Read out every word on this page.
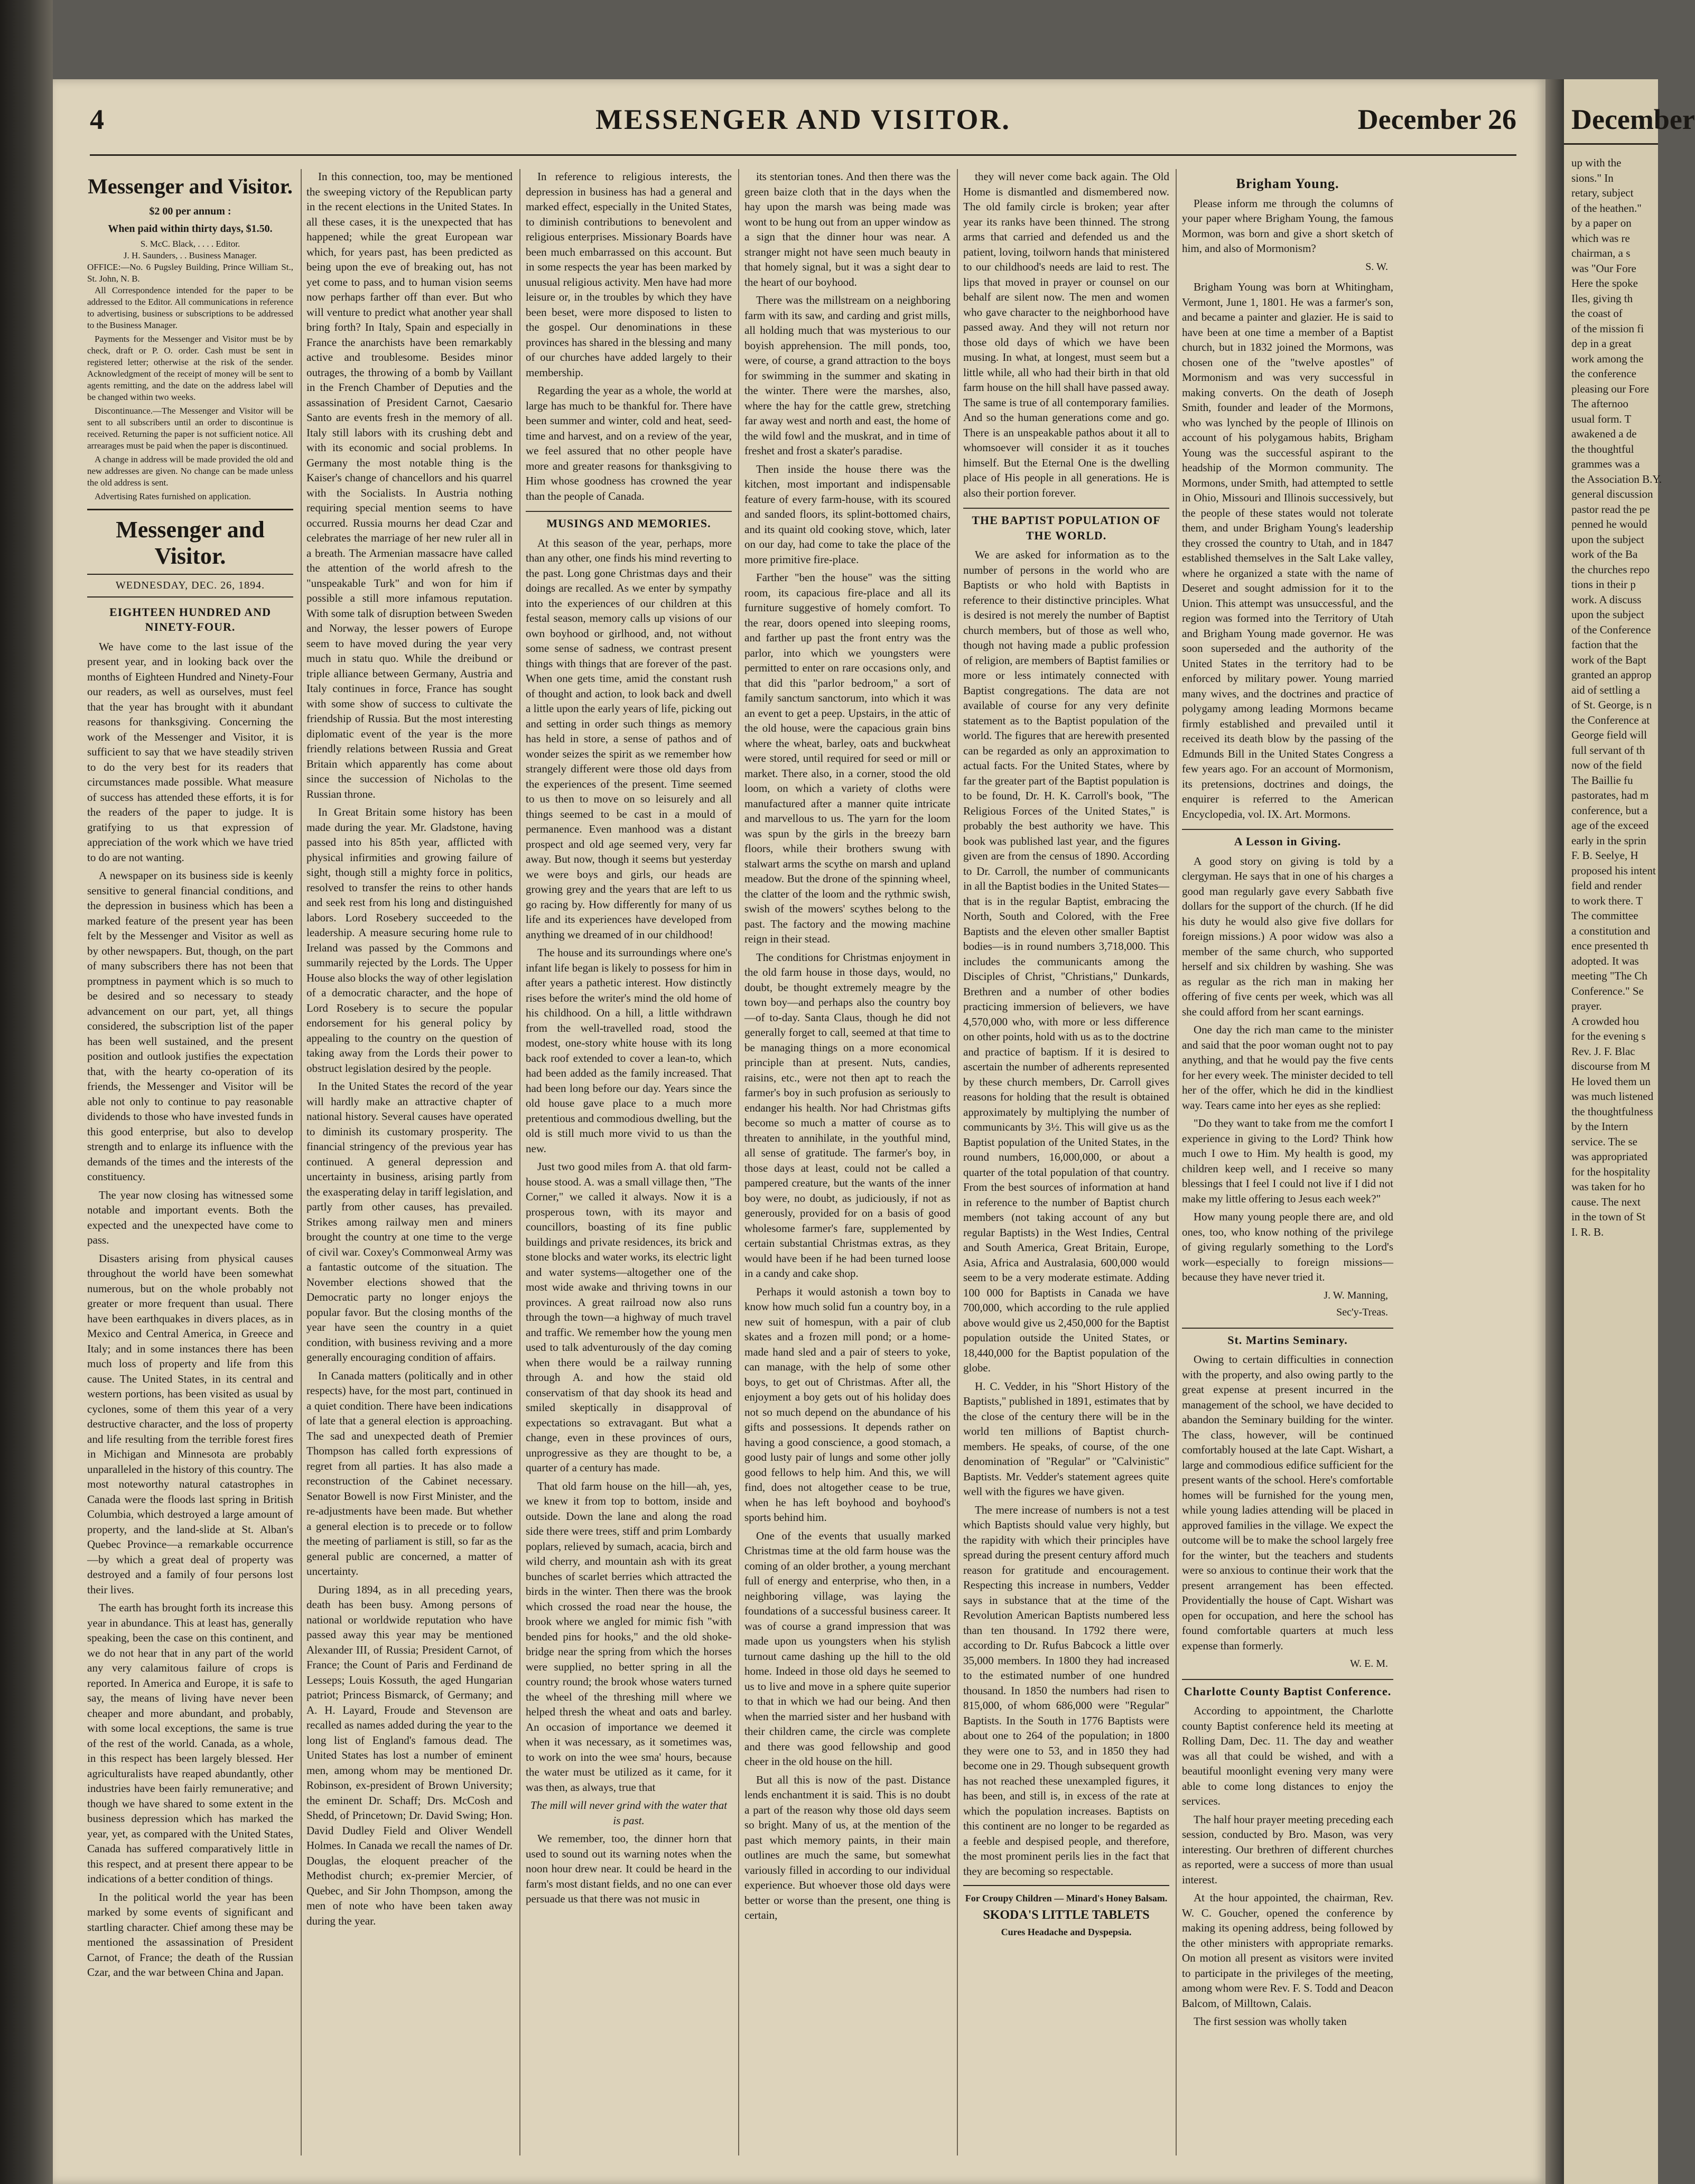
4	MESSENGER AND VISITOR.	December 26
Messenger and Visitor.
$2 00 per annum :
When paid within thirty days, $1.50.
S. McC. Black, . . . . Editor.
J. H. Saunders, . . Business Manager.
OFFICE:—No. 6 Pugsley Building, Prince William St., St. John, N. B.

All Correspondence intended for the paper to be addressed to the Editor. All communications in reference to advertising, business or subscriptions to be addressed to the Business Manager.

Payments for the Messenger and Visitor must be by check, draft or P. O. order. Cash must be sent in registered letter; otherwise at the risk of the sender. Acknowledgment of the receipt of money will be sent to agents remitting, and the date on the address label will be changed within two weeks.

Discontinuance.—The Messenger and Visitor will be sent to all subscribers until an order to discontinue is received. Returning the paper is not sufficient notice. All arrearages must be paid when the paper is discontinued.

A change in address will be made provided the old and new addresses are given. No change can be made unless the old address is sent.

Advertising Rates furnished on application.

Messenger and Visitor.
WEDNESDAY, DEC. 26, 1894.
EIGHTEEN HUNDRED AND NINETY-FOUR.

We have come to the last issue of the present year, and in looking back over the months of Eighteen Hundred and Ninety-Four our readers, as well as ourselves, must feel that the year has brought with it abundant reasons for thanksgiving. Concerning the work of the Messenger and Visitor, it is sufficient to say that we have steadily striven to do the very best for its readers that circumstances made possible. What measure of success has attended these efforts, it is for the readers of the paper to judge. It is gratifying to us that expression of appreciation of the work which we have tried to do are not wanting.

A newspaper on its business side is keenly sensitive to general financial conditions, and the depression in business which has been a marked feature of the present year has been felt by the Messenger and Visitor as well as by other newspapers. But, though, on the part of many subscribers there has not been that promptness in payment which is so much to be desired and so necessary to steady advancement on our part, yet, all things considered, the subscription list of the paper has been well sustained, and the present position and outlook justifies the expectation that, with the hearty co-operation of its friends, the Messenger and Visitor will be able not only to continue to pay reasonable dividends to those who have invested funds in this good enterprise, but also to develop strength and to enlarge its influence with the demands of the times and the interests of the constituency.

The year now closing has witnessed some notable and important events. Both the expected and the unexpected have come to pass.

Disasters arising from physical causes throughout the world have been somewhat numerous, but on the whole probably not greater or more frequent than usual. There have been earthquakes in divers places, as in Mexico and Central America, in Greece and Italy; and in some instances there has been much loss of property and life from this cause. The United States, in its central and western portions, has been visited as usual by cyclones, some of them this year of a very destructive character, and the loss of property and life resulting from the terrible forest fires in Michigan and Minnesota are probably unparalleled in the history of this country. The most noteworthy natural catastrophes in Canada were the floods last spring in British Columbia, which destroyed a large amount of property, and the land-slide at St. Alban's Quebec Province—a remarkable occurrence—by which a great deal of property was destroyed and a family of four persons lost their lives.

The earth has brought forth its increase this year in abundance. This at least has, generally speaking, been the case on this continent, and we do not hear that in any part of the world any very calamitous failure of crops is reported. In America and Europe, it is safe to say, the means of living have never been cheaper and more abundant, and probably, with some local exceptions, the same is true of the rest of the world. Canada, as a whole, in this respect has been largely blessed. Her agriculturalists have reaped abundantly, other industries have been fairly remunerative; and though we have shared to some extent in the business depression which has marked the year, yet, as compared with the United States, Canada has suffered comparatively little in this respect, and at present there appear to be indications of a better condition of things.

In the political world the year has been marked by some events of significant and startling character. Chief among these may be mentioned the assassination of President Carnot, of France; the death of the Russian Czar, and the war between China and Japan.

In this connection, too, may be mentioned the sweeping victory of the Republican party in the recent elections in the United States. In all these cases, it is the unexpected that has happened; while the great European war which, for years past, has been predicted as being upon the eve of breaking out, has not yet come to pass, and to human vision seems now perhaps farther off than ever. But who will venture to predict what another year shall bring forth? In Italy, Spain and especially in France the anarchists have been remarkably active and troublesome. Besides minor outrages, the throwing of a bomb by Vaillant in the French Chamber of Deputies and the assassination of President Carnot, Caesario Santo are events fresh in the memory of all. Italy still labors with its crushing debt and with its economic and social problems. In Germany the most notable thing is the Kaiser's change of chancellors and his quarrel with the Socialists. In Austria nothing requiring special mention seems to have occurred. Russia mourns her dead Czar and celebrates the marriage of her new ruler all in a breath. The Armenian massacre have called the attention of the world afresh to the "unspeakable Turk" and won for him if possible a still more infamous reputation. With some talk of disruption between Sweden and Norway, the lesser powers of Europe seem to have moved during the year very much in statu quo. While the dreibund or triple alliance between Germany, Austria and Italy continues in force, France has sought with some show of success to cultivate the friendship of Russia. But the most interesting diplomatic event of the year is the more friendly relations between Russia and Great Britain which apparently has come about since the succession of Nicholas to the Russian throne.

In Great Britain some history has been made during the year. Mr. Gladstone, having passed into his 85th year, afflicted with physical infirmities and growing failure of sight, though still a mighty force in politics, resolved to transfer the reins to other hands and seek rest from his long and distinguished labors. Lord Rosebery succeeded to the leadership. A measure securing home rule to Ireland was passed by the Commons and summarily rejected by the Lords. The Upper House also blocks the way of other legislation of a democratic character, and the hope of Lord Rosebery is to secure the popular endorsement for his general policy by appealing to the country on the question of taking away from the Lords their power to obstruct legislation desired by the people.

In the United States the record of the year will hardly make an attractive chapter of national history. Several causes have operated to diminish its customary prosperity. The financial stringency of the previous year has continued. A general depression and uncertainty in business, arising partly from the exasperating delay in tariff legislation, and partly from other causes, has prevailed. Strikes among railway men and miners brought the country at one time to the verge of civil war. Coxey's Commonweal Army was a fantastic outcome of the situation. The November elections showed that the Democratic party no longer enjoys the popular favor. But the closing months of the year have seen the country in a quiet condition, with business reviving and a more generally encouraging condition of affairs.

In Canada matters (politically and in other respects) have, for the most part, continued in a quiet condition. There have been indications of late that a general election is approaching. The sad and unexpected death of Premier Thompson has called forth expressions of regret from all parties. It has also made a reconstruction of the Cabinet necessary. Senator Bowell is now First Minister, and the re-adjustments have been made. But whether a general election is to precede or to follow the meeting of parliament is still, so far as the general public are concerned, a matter of uncertainty.

During 1894, as in all preceding years, death has been busy. Among persons of national or worldwide reputation who have passed away this year may be mentioned Alexander III, of Russia; President Carnot, of France; the Count of Paris and Ferdinand de Lesseps; Louis Kossuth, the aged Hungarian patriot; Princess Bismarck, of Germany; and A. H. Layard, Froude and Stevenson are recalled as names added during the year to the long list of England's famous dead. The United States has lost a number of eminent men, among whom may be mentioned Dr. Robinson, ex-president of Brown University; the eminent Dr. Schaff; Drs. McCosh and Shedd, of Princetown; Dr. David Swing; Hon. David Dudley Field and Oliver Wendell Holmes. In Canada we recall the names of Dr. Douglas, the eloquent preacher of the Methodist church; ex-premier Mercier, of Quebec, and Sir John Thompson, among the men of note who have been taken away during the year.

In reference to religious interests, the depression in business has had a general and marked effect, especially in the United States, to diminish contributions to benevolent and religious enterprises. Missionary Boards have been much embarrassed on this account. But in some respects the year has been marked by unusual religious activity. Men have had more leisure or, in the troubles by which they have been beset, were more disposed to listen to the gospel. Our denominations in these provinces has shared in the blessing and many of our churches have added largely to their membership.

Regarding the year as a whole, the world at large has much to be thankful for. There have been summer and winter, cold and heat, seed-time and harvest, and on a review of the year, we feel assured that no other people have more and greater reasons for thanksgiving to Him whose goodness has crowned the year than the people of Canada.

MUSINGS AND MEMORIES.

At this season of the year, perhaps, more than any other, one finds his mind reverting to the past. Long gone Christmas days and their doings are recalled. As we enter by sympathy into the experiences of our children at this festal season, memory calls up visions of our own boyhood or girlhood, and, not without some sense of sadness, we contrast present things with things that are forever of the past. When one gets time, amid the constant rush of thought and action, to look back and dwell a little upon the early years of life, picking out and setting in order such things as memory has held in store, a sense of pathos and of wonder seizes the spirit as we remember how strangely different were those old days from the experiences of the present. Time seemed to us then to move on so leisurely and all things seemed to be cast in a mould of permanence. Even manhood was a distant prospect and old age seemed very, very far away. But now, though it seems but yesterday we were boys and girls, our heads are growing grey and the years that are left to us go racing by. How differently for many of us life and its experiences have developed from anything we dreamed of in our childhood!

The house and its surroundings where one's infant life began is likely to possess for him in after years a pathetic interest. How distinctly rises before the writer's mind the old home of his childhood. On a hill, a little withdrawn from the well-travelled road, stood the modest, one-story white house with its long back roof extended to cover a lean-to, which had been added as the family increased. That had been long before our day. Years since the old house gave place to a much more pretentious and commodious dwelling, but the old is still much more vivid to us than the new.

Just two good miles from A. that old farm-house stood. A. was a small village then, "The Corner," we called it always. Now it is a prosperous town, with its mayor and councillors, boasting of its fine public buildings and private residences, its brick and stone blocks and water works, its electric light and water systems—altogether one of the most wide awake and thriving towns in our provinces. A great railroad now also runs through the town—a highway of much travel and traffic. We remember how the young men used to talk adventurously of the day coming when there would be a railway running through A. and how the staid old conservatism of that day shook its head and smiled skeptically in disapproval of expectations so extravagant. But what a change, even in these provinces of ours, unprogressive as they are thought to be, a quarter of a century has made.

That old farm house on the hill—ah, yes, we knew it from top to bottom, inside and outside. Down the lane and along the road side there were trees, stiff and prim Lombardy poplars, relieved by sumach, acacia, birch and wild cherry, and mountain ash with its great bunches of scarlet berries which attracted the birds in the winter. Then there was the brook which crossed the road near the house, the brook where we angled for mimic fish "with bended pins for hooks," and the old shoke-bridge near the spring from which the horses were supplied, no better spring in all the country round; the brook whose waters turned the wheel of the threshing mill where we helped thresh the wheat and oats and barley. An occasion of importance we deemed it when it was necessary, as it sometimes was, to work on into the wee sma' hours, because the water must be utilized as it came, for it was then, as always, true that

The mill will never grind with the water that is past.

We remember, too, the dinner horn that used to sound out its warning notes when the noon hour drew near. It could be heard in the farm's most distant fields, and no one can ever persuade us that there was not music in

its stentorian tones. And then there was the green baize cloth that in the days when the hay upon the marsh was being made was wont to be hung out from an upper window as a sign that the dinner hour was near. A stranger might not have seen much beauty in that homely signal, but it was a sight dear to the heart of our boyhood.

There was the millstream on a neighboring farm with its saw, and carding and grist mills, all holding much that was mysterious to our boyish apprehension. The mill ponds, too, were, of course, a grand attraction to the boys for swimming in the summer and skating in the winter. There were the marshes, also, where the hay for the cattle grew, stretching far away west and north and east, the home of the wild fowl and the muskrat, and in time of freshet and frost a skater's paradise.

Then inside the house there was the kitchen, most important and indispensable feature of every farm-house, with its scoured and sanded floors, its splint-bottomed chairs, and its quaint old cooking stove, which, later on our day, had come to take the place of the more primitive fire-place.

Farther "ben the house" was the sitting room, its capacious fire-place and all its furniture suggestive of homely comfort. To the rear, doors opened into sleeping rooms, and farther up past the front entry was the parlor, into which we youngsters were permitted to enter on rare occasions only, and that did this "parlor bedroom," a sort of family sanctum sanctorum, into which it was an event to get a peep. Upstairs, in the attic of the old house, were the capacious grain bins where the wheat, barley, oats and buckwheat were stored, until required for seed or mill or market. There also, in a corner, stood the old loom, on which a variety of cloths were manufactured after a manner quite intricate and marvellous to us. The yarn for the loom was spun by the girls in the breezy barn floors, while their brothers swung with stalwart arms the scythe on marsh and upland meadow. But the drone of the spinning wheel, the clatter of the loom and the rythmic swish, swish of the mowers' scythes belong to the past. The factory and the mowing machine reign in their stead.

The conditions for Christmas enjoyment in the old farm house in those days, would, no doubt, be thought extremely meagre by the town boy—and perhaps also the country boy—of to-day. Santa Claus, though he did not generally forget to call, seemed at that time to be managing things on a more economical principle than at present. Nuts, candies, raisins, etc., were not then apt to reach the farmer's boy in such profusion as seriously to endanger his health. Nor had Christmas gifts become so much a matter of course as to threaten to annihilate, in the youthful mind, all sense of gratitude. The farmer's boy, in those days at least, could not be called a pampered creature, but the wants of the inner boy were, no doubt, as judiciously, if not as generously, provided for on a basis of good wholesome farmer's fare, supplemented by certain substantial Christmas extras, as they would have been if he had been turned loose in a candy and cake shop.

Perhaps it would astonish a town boy to know how much solid fun a country boy, in a new suit of homespun, with a pair of club skates and a frozen mill pond; or a home-made hand sled and a pair of steers to yoke, can manage, with the help of some other boys, to get out of Christmas. After all, the enjoyment a boy gets out of his holiday does not so much depend on the abundance of his gifts and possessions. It depends rather on having a good conscience, a good stomach, a good lusty pair of lungs and some other jolly good fellows to help him. And this, we will find, does not altogether cease to be true, when he has left boyhood and boyhood's sports behind him.

One of the events that usually marked Christmas time at the old farm house was the coming of an older brother, a young merchant full of energy and enterprise, who then, in a neighboring village, was laying the foundations of a successful business career. It was of course a grand impression that was made upon us youngsters when his stylish turnout came dashing up the hill to the old home. Indeed in those old days he seemed to us to live and move in a sphere quite superior to that in which we had our being. And then when the married sister and her husband with their children came, the circle was complete and there was good fellowship and good cheer in the old house on the hill.

But all this is now of the past. Distance lends enchantment it is said. This is no doubt a part of the reason why those old days seem so bright. Many of us, at the mention of the past which memory paints, in their main outlines are much the same, but somewhat variously filled in according to our individual experience. But whoever those old days were better or worse than the present, one thing is certain,

they will never come back again. The Old Home is dismantled and dismembered now. The old family circle is broken; year after year its ranks have been thinned. The strong arms that carried and defended us and the patient, loving, toilworn hands that ministered to our childhood's needs are laid to rest. The lips that moved in prayer or counsel on our behalf are silent now. The men and women who gave character to the neighborhood have passed away. And they will not return nor those old days of which we have been musing. In what, at longest, must seem but a little while, all who had their birth in that old farm house on the hill shall have passed away. The same is true of all contemporary families. And so the human generations come and go. There is an unspeakable pathos about it all to whomsoever will consider it as it touches himself. But the Eternal One is the dwelling place of His people in all generations. He is also their portion forever.

THE BAPTIST POPULATION OF THE WORLD.

We are asked for information as to the number of persons in the world who are Baptists or who hold with Baptists in reference to their distinctive principles. What is desired is not merely the number of Baptist church members, but of those as well who, though not having made a public profession of religion, are members of Baptist families or more or less intimately connected with Baptist congregations. The data are not available of course for any very definite statement as to the Baptist population of the world. The figures that are herewith presented can be regarded as only an approximation to actual facts. For the United States, where by far the greater part of the Baptist population is to be found, Dr. H. K. Carroll's book, "The Religious Forces of the United States," is probably the best authority we have. This book was published last year, and the figures given are from the census of 1890. According to Dr. Carroll, the number of communicants in all the Baptist bodies in the United States—that is in the regular Baptist, embracing the North, South and Colored, with the Free Baptists and the eleven other smaller Baptist bodies—is in round numbers 3,718,000. This includes the communicants among the Disciples of Christ, "Christians," Dunkards, Brethren and a number of other bodies practicing immersion of believers, we have 4,570,000 who, with more or less difference on other points, hold with us as to the doctrine and practice of baptism. If it is desired to ascertain the number of adherents represented by these church members, Dr. Carroll gives reasons for holding that the result is obtained approximately by multiplying the number of communicants by 3½. This will give us as the Baptist population of the United States, in the round numbers, 16,000,000, or about a quarter of the total population of that country. From the best sources of information at hand in reference to the number of Baptist church members (not taking account of any but regular Baptists) in the West Indies, Central and South America, Great Britain, Europe, Asia, Africa and Australasia, 600,000 would seem to be a very moderate estimate. Adding 100 000 for Baptists in Canada we have 700,000, which according to the rule applied above would give us 2,450,000 for the Baptist population outside the United States, or 18,440,000 for the Baptist population of the globe.

H. C. Vedder, in his "Short History of the Baptists," published in 1891, estimates that by the close of the century there will be in the world ten millions of Baptist church-members. He speaks, of course, of the one denomination of "Regular" or "Calvinistic" Baptists. Mr. Vedder's statement agrees quite well with the figures we have given.

The mere increase of numbers is not a test which Baptists should value very highly, but the rapidity with which their principles have spread during the present century afford much reason for gratitude and encouragement. Respecting this increase in numbers, Vedder says in substance that at the time of the Revolution American Baptists numbered less than ten thousand. In 1792 there were, according to Dr. Rufus Babcock a little over 35,000 members. In 1800 they had increased to the estimated number of one hundred thousand. In 1850 the numbers had risen to 815,000, of whom 686,000 were "Regular" Baptists. In the South in 1776 Baptists were about one to 264 of the population; in 1800 they were one to 53, and in 1850 they had become one in 29. Though subsequent growth has not reached these unexampled figures, it has been, and still is, in excess of the rate at which the population increases. Baptists on this continent are no longer to be regarded as a feeble and despised people, and therefore, the most prominent perils lies in the fact that they are becoming so respectable.

For Croupy Children — Minard's Honey Balsam.
SKODA'S LITTLE TABLETS
Cures Headache and Dyspepsia.
Brigham Young.

Please inform me through the columns of your paper where Brigham Young, the famous Mormon, was born and give a short sketch of him, and also of Mormonism?

S. W.

Brigham Young was born at Whitingham, Vermont, June 1, 1801. He was a farmer's son, and became a painter and glazier. He is said to have been at one time a member of a Baptist church, but in 1832 joined the Mormons, was chosen one of the "twelve apostles" of Mormonism and was very successful in making converts. On the death of Joseph Smith, founder and leader of the Mormons, who was lynched by the people of Illinois on account of his polygamous habits, Brigham Young was the successful aspirant to the headship of the Mormon community. The Mormons, under Smith, had attempted to settle in Ohio, Missouri and Illinois successively, but the people of these states would not tolerate them, and under Brigham Young's leadership they crossed the country to Utah, and in 1847 established themselves in the Salt Lake valley, where he organized a state with the name of Deseret and sought admission for it to the Union. This attempt was unsuccessful, and the region was formed into the Territory of Utah and Brigham Young made governor. He was soon superseded and the authority of the United States in the territory had to be enforced by military power. Young married many wives, and the doctrines and practice of polygamy among leading Mormons became firmly established and prevailed until it received its death blow by the passing of the Edmunds Bill in the United States Congress a few years ago. For an account of Mormonism, its pretensions, doctrines and doings, the enquirer is referred to the American Encyclopedia, vol. IX. Art. Mormons.

A Lesson in Giving.

A good story on giving is told by a clergyman. He says that in one of his charges a good man regularly gave every Sabbath five dollars for the support of the church. (If he did his duty he would also give five dollars for foreign missions.) A poor widow was also a member of the same church, who supported herself and six children by washing. She was as regular as the rich man in making her offering of five cents per week, which was all she could afford from her scant earnings.

One day the rich man came to the minister and said that the poor woman ought not to pay anything, and that he would pay the five cents for her every week. The minister decided to tell her of the offer, which he did in the kindliest way. Tears came into her eyes as she replied:

"Do they want to take from me the comfort I experience in giving to the Lord? Think how much I owe to Him. My health is good, my children keep well, and I receive so many blessings that I feel I could not live if I did not make my little offering to Jesus each week?"

How many young people there are, and old ones, too, who know nothing of the privilege of giving regularly something to the Lord's work—especially to foreign missions—because they have never tried it.

J. W. Manning,
Sec'y-Treas.
St. Martins Seminary.

Owing to certain difficulties in connection with the property, and also owing partly to the great expense at present incurred in the management of the school, we have decided to abandon the Seminary building for the winter. The class, however, will be continued comfortably housed at the late Capt. Wishart, a large and commodious edifice sufficient for the present wants of the school. Here's comfortable homes will be furnished for the young men, while young ladies attending will be placed in approved families in the village. We expect the outcome will be to make the school largely free for the winter, but the teachers and students were so anxious to continue their work that the present arrangement has been effected. Providentially the house of Capt. Wishart was open for occupation, and here the school has found comfortable quarters at much less expense than formerly.

W. E. M.
Charlotte County Baptist Conference.

According to appointment, the Charlotte county Baptist conference held its meeting at Rolling Dam, Dec. 11. The day and weather was all that could be wished, and with a beautiful moonlight evening very many were able to come long distances to enjoy the services.

The half hour prayer meeting preceding each session, conducted by Bro. Mason, was very interesting. Our brethren of different churches as reported, were a success of more than usual interest.

At the hour appointed, the chairman, Rev. W. C. Goucher, opened the conference by making its opening address, being followed by the other ministers with appropriate remarks. On motion all present as visitors were invited to participate in the privileges of the meeting, among whom were Rev. F. S. Todd and Deacon Balcom, of Milltown, Calais.

The first session was wholly taken

December
up with the
sions." In
retary, subject
of the heathen."
by a paper on
which was re
chairman, a s
was "Our Fore
Here the spoke
Iles, giving th
the coast of
of the mission fi
dep in a great
work among the
the conference
pleasing our Fore
The afternoo
usual form. T
awakened a de
the thoughtful
grammes was a
the Association B.Y.
general discussion
pastor read the pe
penned he would
upon the subject
work of the Ba
the churches repo
tions in their p
work. A discuss
upon the subject
of the Conference
faction that the
work of the Bapt
granted an approp
aid of settling a
of St. George, is n
the Conference at
George field will
full servant of th
now of the field
The Baillie fu
pastorates, had m
conference, but a
age of the exceed
early in the sprin
F. B. Seelye, H
proposed his intent
field and render
to work there. T
The committee
a constitution and
ence presented th
adopted. It was
meeting "The Ch
Conference." Se
prayer.
A crowded hou
for the evening s
Rev. J. F. Blac
discourse from M
He loved them un
was much listened
the thoughtfulness
by the Intern
service. The se
was appropriated
for the hospitality
was taken for ho
cause. The next
in the town of St
I. R. B.
